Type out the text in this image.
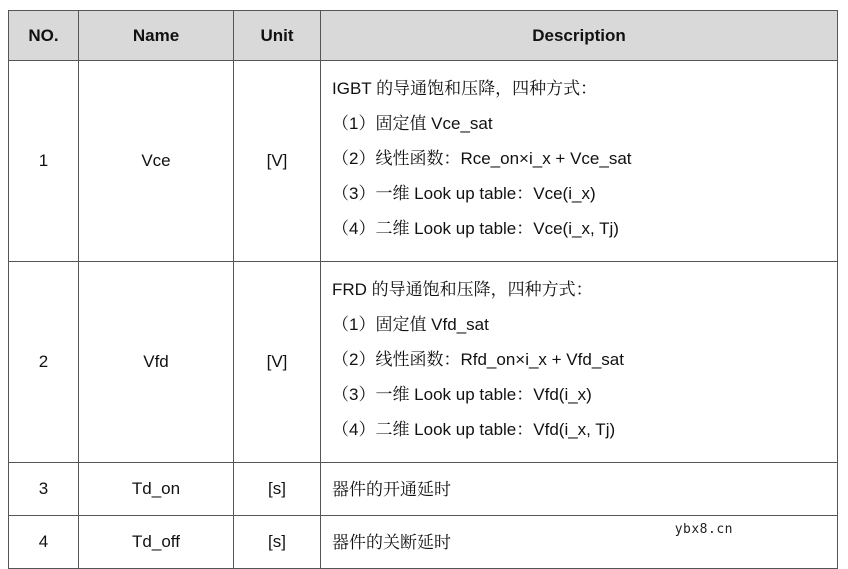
NO.	Name	Unit	Description
1	Vce	[V]	IGBT 的导通饱和压降，四种方式：
（1）固定值 Vce_sat
（2）线性函数：Rce_on×i_x + Vce_sat
（3）一维 Look up table：Vce(i_x)
（4）二维 Look up table：Vce(i_x, Tj)

2	Vfd	[V]	FRD 的导通饱和压降，四种方式：
（1）固定值 Vfd_sat
（2）线性函数：Rfd_on×i_x + Vfd_sat
（3）一维 Look up table：Vfd(i_x)
（4）二维 Look up table：Vfd(i_x, Tj)

3	Td_on	[s]	器件的开通延时

4	Td_off	[s]	器件的关断延时
ybx8.cn
